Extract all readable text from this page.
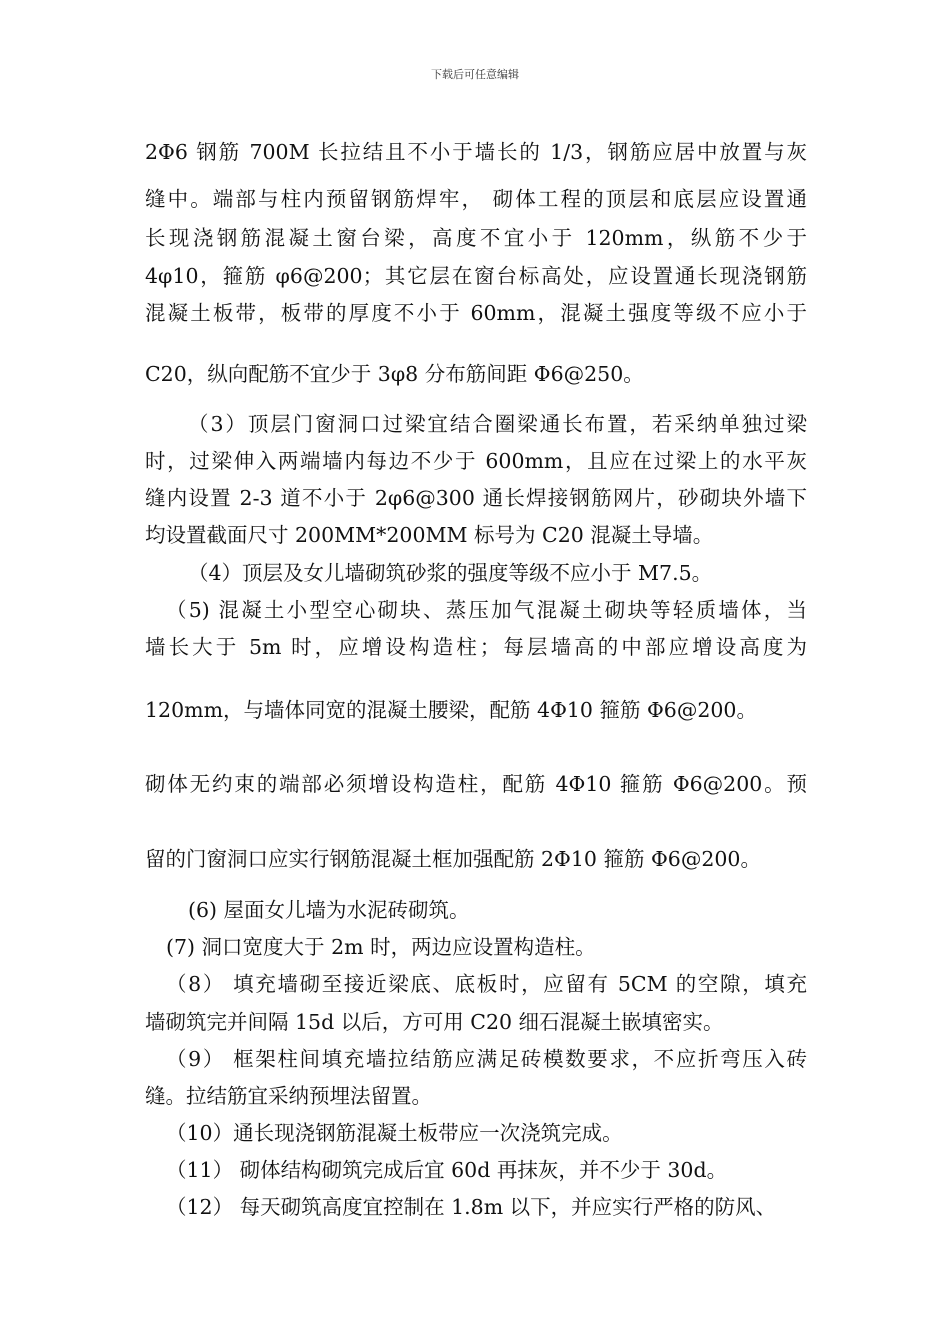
下载后可任意编辑
2Φ6 钢筋 700M 长拉结且不小于墙长的 1/3，钢筋应居中放置与灰
缝中。端部与柱内预留钢筋焊牢， 砌体工程的顶层和底层应设置通
长现浇钢筋混凝土窗台梁，高度不宜小于 120mm，纵筋不少于
4φ10，箍筋 φ6@200；其它层在窗台标高处，应设置通长现浇钢筋
混凝土板带，板带的厚度不小于 60mm，混凝土强度等级不应小于
C20，纵向配筋不宜少于 3φ8 分布筋间距 Φ6@250。
（3）顶层门窗洞口过梁宜结合圈梁通长布置，若采纳单独过梁
时，过梁伸入两端墙内每边不少于 600mm，且应在过梁上的水平灰
缝内设置 2-3 道不小于 2φ6@300 通长焊接钢筋网片，砂砌块外墙下
均设置截面尺寸 200MM*200MM 标号为 C20 混凝土导墙。
（4）顶层及女儿墙砌筑砂浆的强度等级不应小于 M7.5。
（5) 混凝土小型空心砌块、蒸压加气混凝土砌块等轻质墙体，当
墙长大于 5m 时，应增设构造柱；每层墙高的中部应增设高度为
120mm，与墙体同宽的混凝土腰梁，配筋 4Φ10 箍筋 Φ6@200。
砌体无约束的端部必须增设构造柱，配筋 4Φ10 箍筋 Φ6@200。预
留的门窗洞口应实行钢筋混凝土框加强配筋 2Φ10 箍筋 Φ6@200。
(6) 屋面女儿墙为水泥砖砌筑。
(7) 洞口宽度大于 2m 时，两边应设置构造柱。
（8） 填充墙砌至接近梁底、底板时，应留有 5CM 的空隙，填充
墙砌筑完并间隔 15d 以后，方可用 C20 细石混凝土嵌填密实。
（9） 框架柱间填充墙拉结筋应满足砖模数要求，不应折弯压入砖
缝。拉结筋宜采纳预埋法留置。
（10）通长现浇钢筋混凝土板带应一次浇筑完成。
（11） 砌体结构砌筑完成后宜 60d 再抹灰，并不少于 30d。
（12） 每天砌筑高度宜控制在 1.8m 以下，并应实行严格的防风、
